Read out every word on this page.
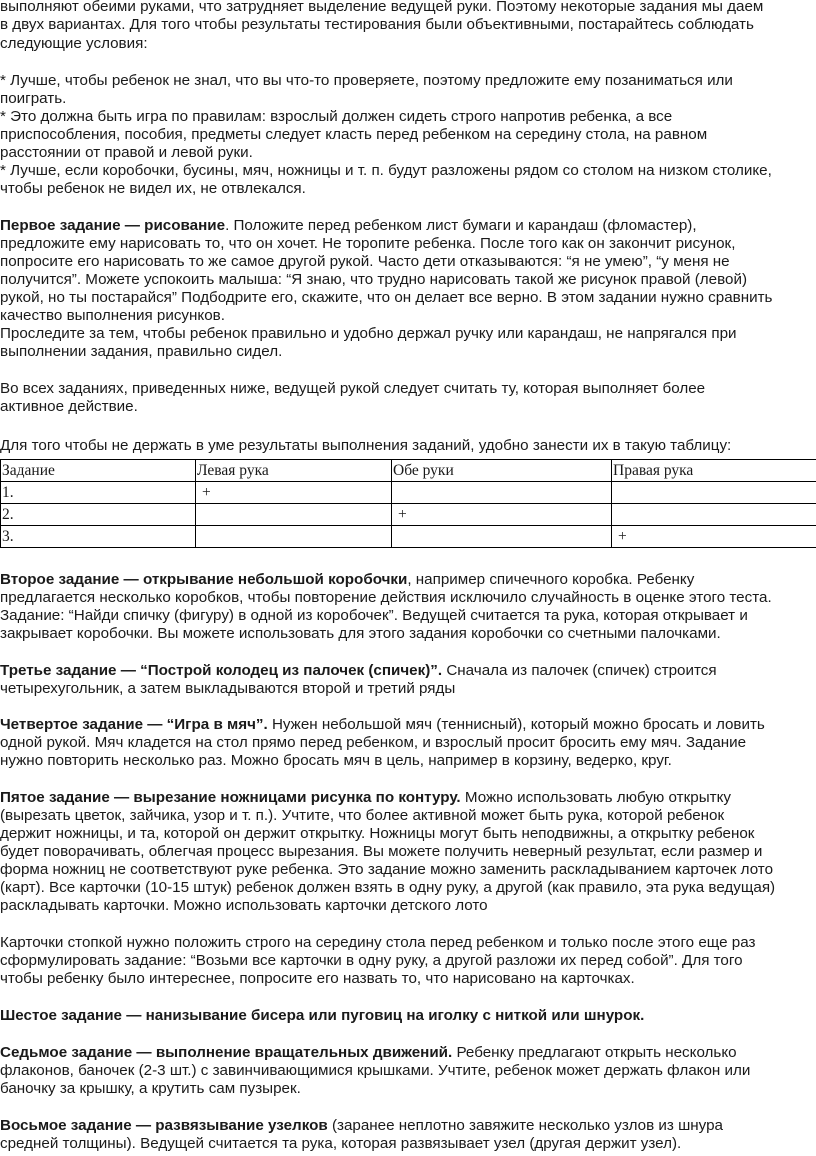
выполняют обеими руками, что затрудняет выделение ведущей руки. Поэтому некоторые задания мы даем
в двух вариантах. Для того чтобы результаты тестирования были объективными, постарайтесь соблюдать
следующие условия:
* Лучше, чтобы ребенок не знал, что вы что-то проверяете, поэтому предложите ему позаниматься или
поиграть.
* Это должна быть игра по правилам: взрослый должен сидеть строго напротив ребенка, а все
приспособления, пособия, предметы следует класть перед ребенком на середину стола, на равном
расстоянии от правой и левой руки.
* Лучше, если коробочки, бусины, мяч, ножницы и т. п. будут разложены рядом со столом на низком столике,
чтобы ребенок не видел их, не отвлекался.
Первое задание — рисование. Положите перед ребенком лист бумаги и карандаш (фломастер),
предложите ему нарисовать то, что он хочет. Не торопите ребенка. После того как он закончит рисунок,
попросите его нарисовать то же самое другой рукой. Часто дети отказываются: “я не умею”, “у меня не
получится”. Можете успокоить малыша: “Я знаю, что трудно нарисовать такой же рисунок правой (левой)
рукой, но ты постарайся” Подбодрите его, скажите, что он делает все верно. В этом задании нужно сравнить
качество выполнения рисунков.
Проследите за тем, чтобы ребенок правильно и удобно держал ручку или карандаш, не напрягался при
выполнении задания, правильно сидел.
Во всех заданиях, приведенных ниже, ведущей рукой следует считать ту, которая выполняет более
активное действие.
Для того чтобы не держать в уме результаты выполнения заданий, удобно занести их в такую таблицу:
Задание	Левая рука	Обе руки	Правая рука
1.	+		
2.		+	
3.			+
Второе задание — открывание небольшой коробочки, например спичечного коробка. Ребенку
предлагается несколько коробков, чтобы повторение действия исключило случайность в оценке этого теста.
Задание: “Найди спичку (фигуру) в одной из коробочек”. Ведущей считается та рука, которая открывает и
закрывает коробочки. Вы можете использовать для этого задания коробочки со счетными палочками.
Третье задание — “Построй колодец из палочек (спичек)”. Сначала из палочек (спичек) строится
четырехугольник, а затем выкладываются второй и третий ряды
Четвертое задание — “Игра в мяч”. Нужен небольшой мяч (теннисный), который можно бросать и ловить
одной рукой. Мяч кладется на стол прямо перед ребенком, и взрослый просит бросить ему мяч. Задание
нужно повторить несколько раз. Можно бросать мяч в цель, например в корзину, ведерко, круг.
Пятое задание — вырезание ножницами рисунка по контуру. Можно использовать любую открытку
(вырезать цветок, зайчика, узор и т. п.). Учтите, что более активной может быть рука, которой ребенок
держит ножницы, и та, которой он держит открытку. Ножницы могут быть неподвижны, а открытку ребенок
будет поворачивать, облегчая процесс вырезания. Вы можете получить неверный результат, если размер и
форма ножниц не соответствуют руке ребенка. Это задание можно заменить раскладыванием карточек лото
(карт). Все карточки (10-15 штук) ребенок должен взять в одну руку, а другой (как правило, эта рука ведущая)
раскладывать карточки. Можно использовать карточки детского лото
Карточки стопкой нужно положить строго на середину стола перед ребенком и только после этого еще раз
сформулировать задание: “Возьми все карточки в одну руку, а другой разложи их перед собой”. Для того
чтобы ребенку было интереснее, попросите его назвать то, что нарисовано на карточках.
Шестое задание — нанизывание бисера или пуговиц на иголку с ниткой или шнурок.
Седьмое задание — выполнение вращательных движений. Ребенку предлагают открыть несколько
флаконов, баночек (2-3 шт.) с завинчивающимися крышками. Учтите, ребенок может держать флакон или
баночку за крышку, а крутить сам пузырек.
Восьмое задание — развязывание узелков (заранее неплотно завяжите несколько узлов из шнура
средней толщины). Ведущей считается та рука, которая развязывает узел (другая держит узел).
